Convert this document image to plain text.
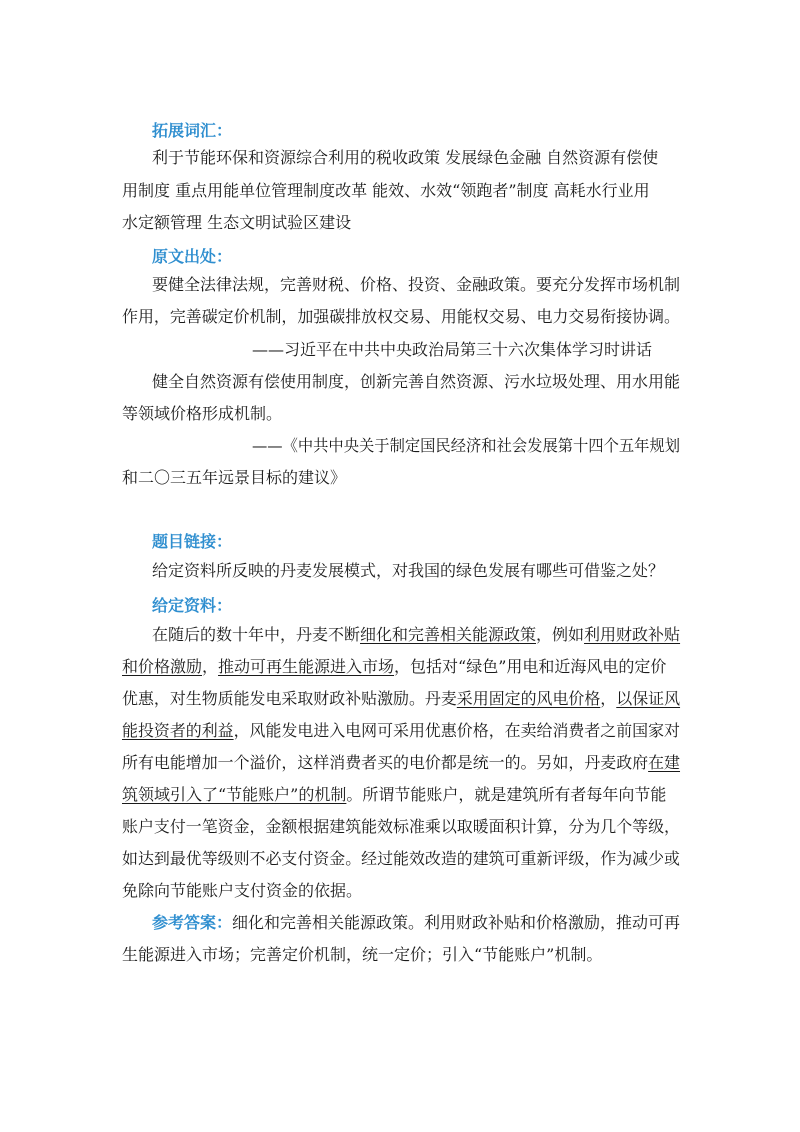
拓展词汇：
利于节能环保和资源综合利用的税收政策 发展绿色金融 自然资源有偿使
用制度 重点用能单位管理制度改革 能效、水效“领跑者”制度 高耗水行业用
水定额管理 生态文明试验区建设
原文出处：
要健全法律法规，完善财税、价格、投资、金融政策。要充分发挥市场机制
作用，完善碳定价机制，加强碳排放权交易、用能权交易、电力交易衔接协调。
——习近平在中共中央政治局第三十六次集体学习时讲话
健全自然资源有偿使用制度，创新完善自然资源、污水垃圾处理、用水用能
等领域价格形成机制。
——《中共中央关于制定国民经济和社会发展第十四个五年规划
和二〇三五年远景目标的建议》
题目链接：
给定资料所反映的丹麦发展模式，对我国的绿色发展有哪些可借鉴之处？
给定资料：
在随后的数十年中，丹麦不断细化和完善相关能源政策，例如利用财政补贴
和价格激励，推动可再生能源进入市场，包括对“绿色”用电和近海风电的定价
优惠，对生物质能发电采取财政补贴激励。丹麦采用固定的风电价格，以保证风
能投资者的利益，风能发电进入电网可采用优惠价格，在卖给消费者之前国家对
所有电能增加一个溢价，这样消费者买的电价都是统一的。另如，丹麦政府在建
筑领域引入了“节能账户”的机制。所谓节能账户，就是建筑所有者每年向节能
账户支付一笔资金，金额根据建筑能效标准乘以取暖面积计算，分为几个等级，
如达到最优等级则不必支付资金。经过能效改造的建筑可重新评级，作为减少或
免除向节能账户支付资金的依据。
参考答案：细化和完善相关能源政策。利用财政补贴和价格激励，推动可再
生能源进入市场；完善定价机制，统一定价；引入“节能账户”机制。
